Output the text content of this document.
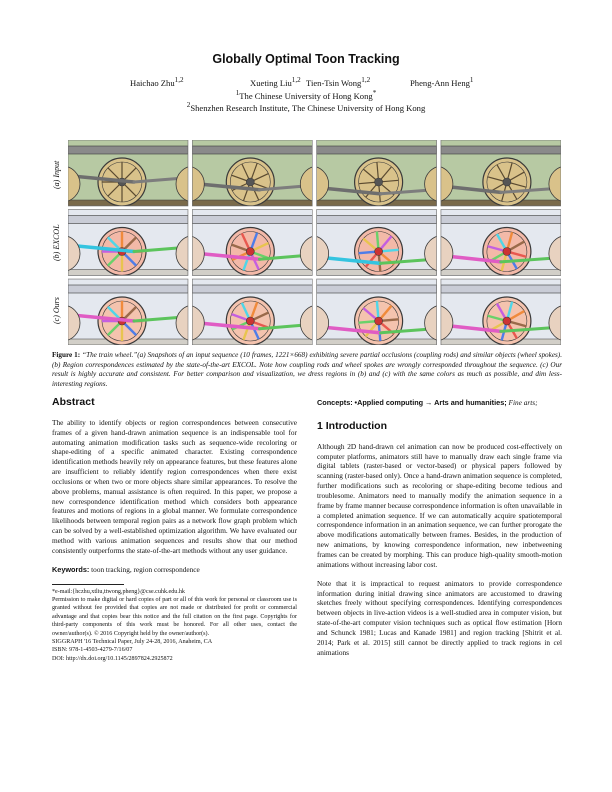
Globally Optimal Toon Tracking
Haichao Zhu$^{1,2}$	Xueting Liu$^{1,2}$ Tien-Tsin Wong$^{1,2}$	Pheng-Ann Heng$^1$
$^1$The Chinese University of Hong Kong*
$^2$Shenzhen Research Institute, The Chinese University of Hong Kong
(a) Input
(b) EXCOL
(c) Ours
Figure 1: “The train wheel.”(a) Snapshots of an input sequence (10 frames, 1221×668) exhibiting severe partial occlusions (coupling rods) and similar objects (wheel spokes). (b) Region correspondences estimated by the state-of-the-art EXCOL. Note how coupling rods and wheel spokes are wrongly corresponded throughout the sequence. (c) Our result is highly accurate and consistent. For better comparison and visualization, we dress regions in (b) and (c) with the same colors as much as possible, and dim less-interesting regions.
Abstract

The ability to identify objects or region correspondences between consecutive frames of a given hand-drawn animation sequence is an indispensable tool for automating animation modification tasks such as sequence-wide recoloring or shape-editing of a specific animated character. Existing correspondence identification methods heavily rely on appearance features, but these features alone are insufficient to reliably identify region correspondences when there exist occlusions or when two or more objects share similar appearances. To resolve the above problems, manual assistance is often required. In this paper, we propose a new correspondence identification method which considers both appearance features and motions of regions in a global manner. We formulate correspondence likelihoods between temporal region pairs as a network flow graph problem which can be solved by a well-established optimization algorithm. We have evaluated our method with various animation sequences and results show that our method consistently outperforms the state-of-the-art methods without any user guidance.

Keywords: toon tracking, region correspondence

*e-mail:{hczhu,xtliu,ttwong,pheng}@cse.cuhk.edu.hk

Permission to make digital or hard copies of part or all of this work for personal or classroom use is granted without fee provided that copies are not made or distributed for profit or commercial advantage and that copies bear this notice and the full citation on the first page. Copyrights for third-party components of this work must be honored. For all other uses, contact the owner/author(s). © 2016 Copyright held by the owner/author(s).

SIGGRAPH '16 Technical Paper, July 24-28, 2016, Anaheim, CA

ISBN: 978-1-4503-4279-7/16/07

DOI: http://dx.doi.org/10.1145/2897824.2925872

Concepts: •Applied computing → Arts and humanities; Fine arts;

1 Introduction

Although 2D hand-drawn cel animation can now be produced cost-effectively on computer platforms, animators still have to manually draw each single frame via digital tablets (raster-based or vector-based) or physical papers followed by scanning (raster-based only). Once a hand-drawn animation sequence is completed, further modifications such as recoloring or shape-editing become tedious and troublesome. Animators need to manually modify the animation sequence in a frame by frame manner because correspondence information is often unavailable in a completed animation sequence. If we can automatically acquire spatiotemporal correspondence information in an animation sequence, we can further prorogate the above modifications automatically between frames. Besides, in the production of new animations, by knowing correspondence information, new inbetweening frames can be created by morphing. This can produce high-quality smooth-motion animations without increasing labor cost.

Note that it is impractical to request animators to provide correspondence information during initial drawing since animators are accustomed to drawing sketches freely without specifying correspondences. Identifying correspondences between objects in live-action videos is a well-studied area in computer vision, but state-of-the-art computer vision techniques such as optical flow estimation [Horn and Schunck 1981; Lucas and Kanade 1981] and region tracking [Shitrit et al. 2014; Park et al. 2015] still cannot be directly applied to track regions in cel animations
